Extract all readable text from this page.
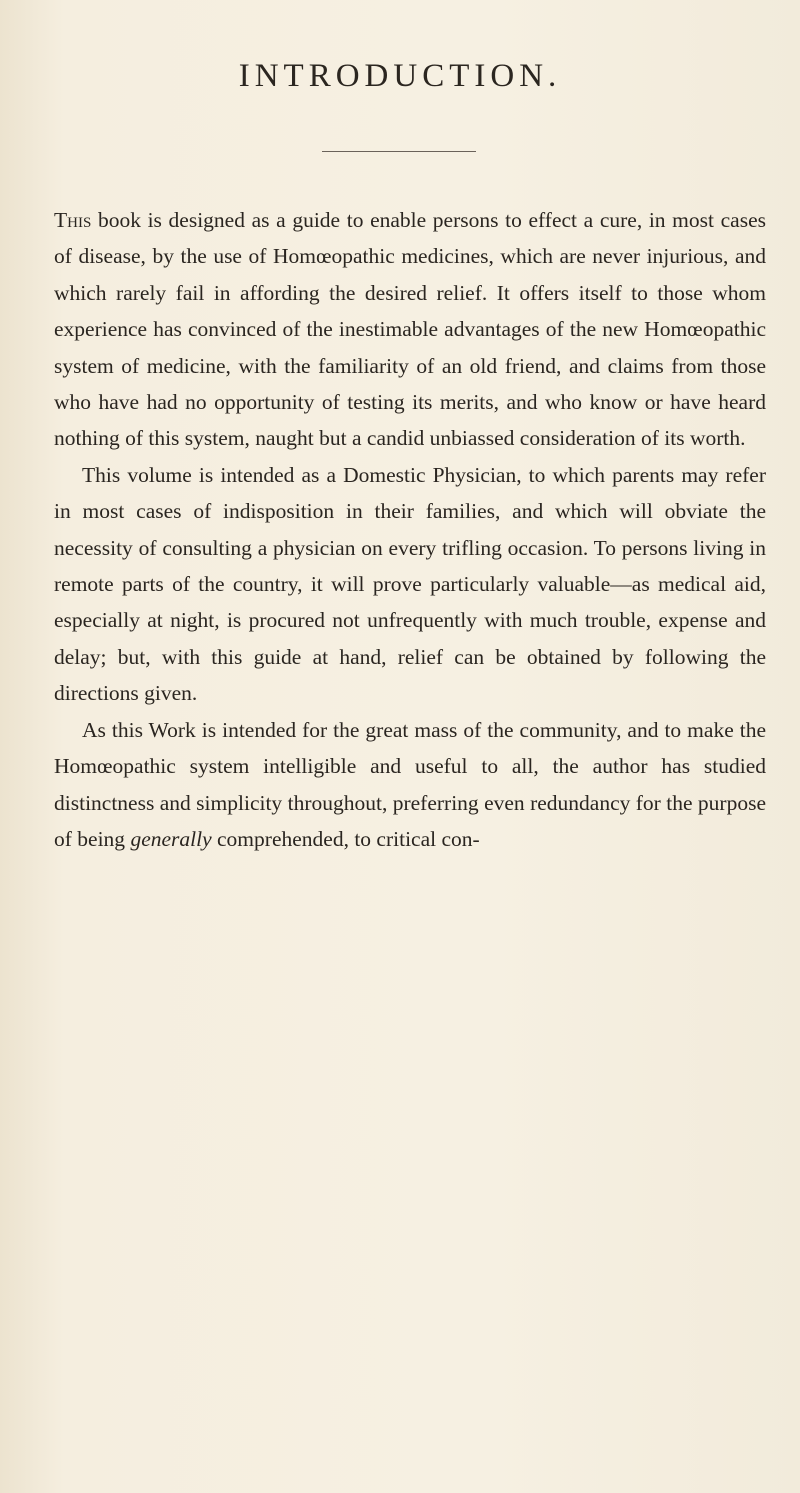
INTRODUCTION.

This book is designed as a guide to enable persons to effect a cure, in most cases of disease, by the use of Homœopathic medicines, which are never injurious, and which rarely fail in affording the desired relief. It offers itself to those whom experience has convinced of the inestimable advantages of the new Homœopathic system of medicine, with the familiarity of an old friend, and claims from those who have had no opportunity of testing its merits, and who know or have heard nothing of this system, naught but a candid unbiassed consideration of its worth.

This volume is intended as a Domestic Physician, to which parents may refer in most cases of indisposition in their families, and which will obviate the necessity of consulting a physician on every trifling occasion. To persons living in remote parts of the country, it will prove particularly valuable—as medical aid, especially at night, is procured not unfrequently with much trouble, expense and delay; but, with this guide at hand, relief can be obtained by following the directions given.

As this Work is intended for the great mass of the community, and to make the Homœopathic system intelligible and useful to all, the author has studied distinctness and simplicity throughout, preferring even redundancy for the purpose of being generally comprehended, to critical con-
